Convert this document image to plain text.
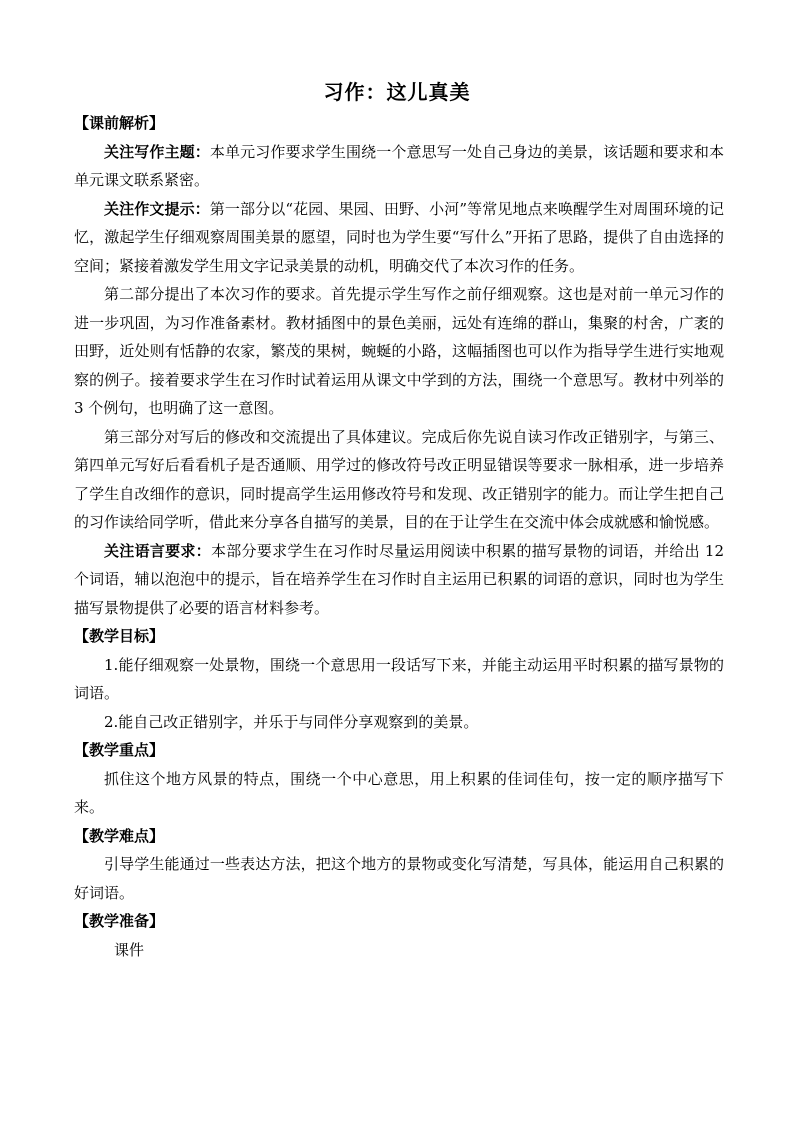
习作：这儿真美
【课前解析】

关注写作主题：本单元习作要求学生围绕一个意思写一处自己身边的美景，该话题和要求和本单元课文联系紧密。

关注作文提示：第一部分以“花园、果园、田野、小河”等常见地点来唤醒学生对周围环境的记忆，激起学生仔细观察周围美景的愿望，同时也为学生要“写什么”开拓了思路，提供了自由选择的空间；紧接着激发学生用文字记录美景的动机，明确交代了本次习作的任务。

第二部分提出了本次习作的要求。首先提示学生写作之前仔细观察。这也是对前一单元习作的进一步巩固，为习作准备素材。教材插图中的景色美丽，远处有连绵的群山，集聚的村舍，广袤的田野，近处则有恬静的农家，繁茂的果树，蜿蜒的小路，这幅插图也可以作为指导学生进行实地观察的例子。接着要求学生在习作时试着运用从课文中学到的方法，围绕一个意思写。教材中列举的 3 个例句，也明确了这一意图。

第三部分对写后的修改和交流提出了具体建议。完成后你先说自读习作改正错别字，与第三、第四单元写好后看看机子是否通顺、用学过的修改符号改正明显错误等要求一脉相承，进一步培养了学生自改细作的意识，同时提高学生运用修改符号和发现、改正错别字的能力。而让学生把自己的习作读给同学听，借此来分享各自描写的美景，目的在于让学生在交流中体会成就感和愉悦感。

关注语言要求：本部分要求学生在习作时尽量运用阅读中积累的描写景物的词语，并给出 12 个词语，辅以泡泡中的提示，旨在培养学生在习作时自主运用已积累的词语的意识，同时也为学生描写景物提供了必要的语言材料参考。

【教学目标】

1.能仔细观察一处景物，围绕一个意思用一段话写下来，并能主动运用平时积累的描写景物的词语。

2.能自己改正错别字，并乐于与同伴分享观察到的美景。

【教学重点】

抓住这个地方风景的特点，围绕一个中心意思，用上积累的佳词佳句，按一定的顺序描写下来。

【教学难点】

引导学生能通过一些表达方法，把这个地方的景物或变化写清楚，写具体，能运用自己积累的好词语。

【教学准备】

课件
